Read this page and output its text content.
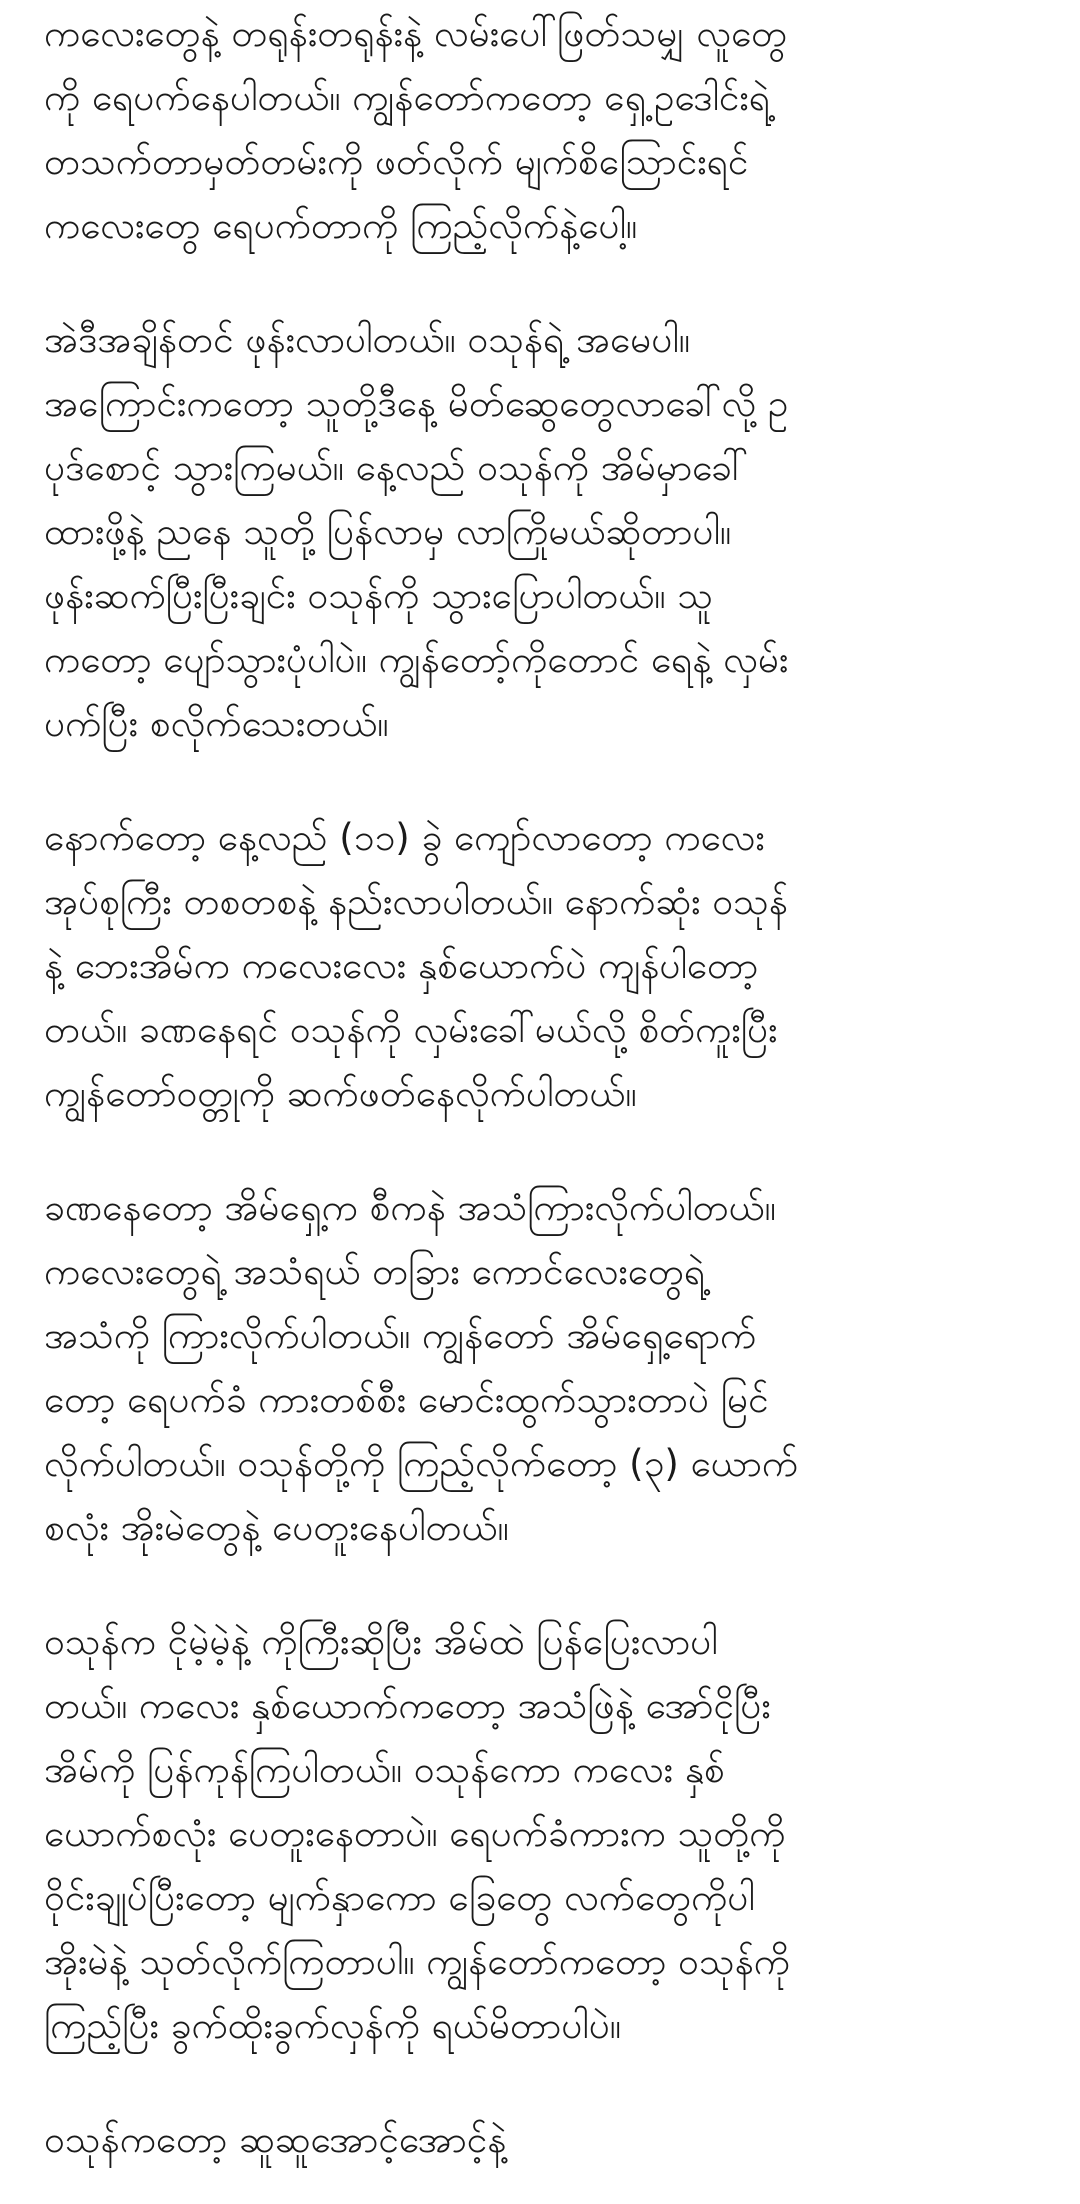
ကလေးတွေနဲ့ တရုန်းတရုန်းနဲ့ လမ်းပေါ်ဖြတ်သမျှ လူတွေ
ကို ရေပက်နေပါတယ်။ ကျွန်တော်ကတော့ ရှေ့ဥဒေါင်းရဲ့
တသက်တာမှတ်တမ်းကို ဖတ်လိုက် မျက်စိသြောင်းရင်
ကလေးတွေ ရေပက်တာကို ကြည့်လိုက်နဲ့ပေါ့။
အဲဒီအချိန်တင် ဖုန်းလာပါတယ်။ ဝသုန်ရဲ့ အမေပါ။
အကြောင်းကတော့ သူတို့ဒီနေ့ မိတ်ဆွေတွေလာခေါ်လို့ ဥ
ပုဒ်စောင့် သွားကြမယ်။ နေ့လည် ဝသုန်ကို အိမ်မှာခေါ်
ထားဖို့နဲ့ ညနေ သူတို့ ပြန်လာမှ လာကြိုမယ်ဆိုတာပါ။
ဖုန်းဆက်ပြီးပြီးချင်း ဝသုန်ကို သွားပြောပါတယ်။ သူ
ကတော့ ပျော်သွားပုံပါပဲ။ ကျွန်တော့်ကိုတောင် ရေနဲ့ လှမ်း
ပက်ပြီး စလိုက်သေးတယ်။
နောက်တော့ နေ့လည် (၁၁) ခွဲ ကျော်လာတော့ ကလေး
အုပ်စုကြီး တစတစနဲ့ နည်းလာပါတယ်။ နောက်ဆုံး ဝသုန်
နဲ့ ဘေးအိမ်က ကလေးလေး နှစ်ယောက်ပဲ ကျန်ပါတော့
တယ်။ ခဏနေရင် ဝသုန်ကို လှမ်းခေါ်မယ်လို့ စိတ်ကူးပြီး
ကျွန်တော်ဝတ္တုကို ဆက်ဖတ်နေလိုက်ပါတယ်။
ခဏနေတော့ အိမ်ရှေ့က စီကနဲ အသံကြားလိုက်ပါတယ်။
ကလေးတွေရဲ့ အသံရယ် တခြား ကောင်လေးတွေရဲ့
အသံကို ကြားလိုက်ပါတယ်။ ကျွန်တော် အိမ်ရှေ့ရောက်
တော့ ရေပက်ခံ ကားတစ်စီး မောင်းထွက်သွားတာပဲ မြင်
လိုက်ပါတယ်။ ဝသုန်တို့ကို ကြည့်လိုက်တော့ (၃) ယောက်
စလုံး အိုးမဲတွေနဲ့ ပေတူးနေပါတယ်။
ဝသုန်က ငိုမဲ့မဲ့နဲ့ ကိုကြီးဆိုပြီး အိမ်ထဲ ပြန်ပြေးလာပါ
တယ်။ ကလေး နှစ်ယောက်ကတော့ အသံဖြဲနဲ့ အော်ငိုပြီး
အိမ်ကို ပြန်ကုန်ကြပါတယ်။ ဝသုန်ကော ကလေး နှစ်
ယောက်စလုံး ပေတူးနေတာပဲ။ ရေပက်ခံကားက သူတို့ကို
ဝိုင်းချုပ်ပြီးတော့ မျက်နှာကော ခြေတွေ လက်တွေကိုပါ
အိုးမဲနဲ့ သုတ်လိုက်ကြတာပါ။ ကျွန်တော်ကတော့ ဝသုန်ကို
ကြည့်ပြီး ခွက်ထိုးခွက်လှန်ကို ရယ်မိတာပါပဲ။
ဝသုန်ကတော့ ဆူဆူအောင့်အောင့်နဲ့
